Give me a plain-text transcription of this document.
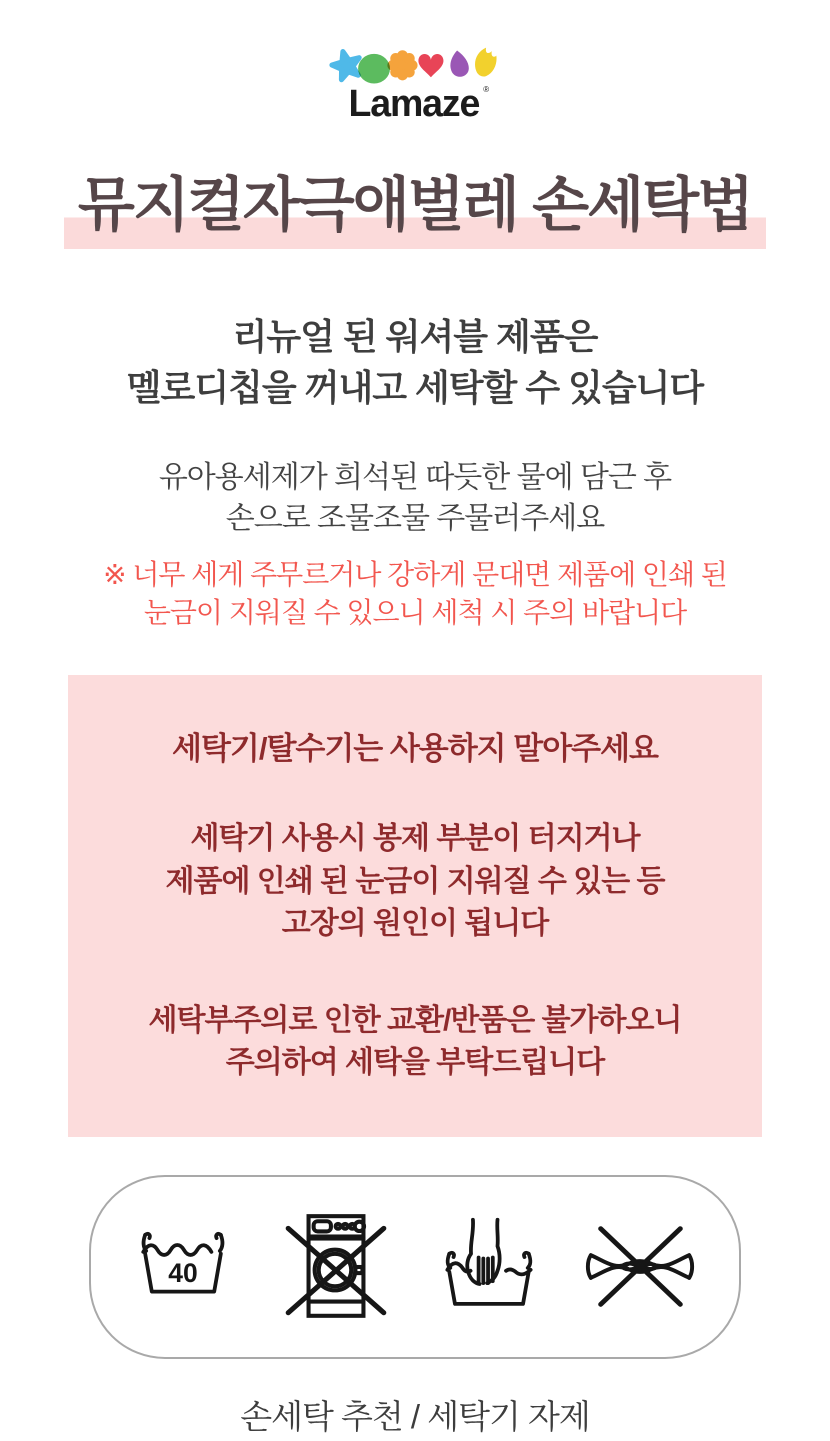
Lamaze ®
뮤지컬자극애벌레 손세탁법
리뉴얼 된 워셔블 제품은
멜로디칩을 꺼내고 세탁할 수 있습니다
유아용세제가 희석된 따듯한 물에 담근 후
손으로 조물조물 주물러주세요
※ 너무 세게 주무르거나 강하게 문대면 제품에 인쇄 된
눈금이 지워질 수 있으니 세척 시 주의 바랍니다
세탁기/탈수기는 사용하지 말아주세요
세탁기 사용시 봉제 부분이 터지거나
제품에 인쇄 된 눈금이 지워질 수 있는 등
고장의 원인이 됩니다
세탁부주의로 인한 교환/반품은 불가하오니
주의하여 세탁을 부탁드립니다
40
손세탁 추천 / 세탁기 자제
